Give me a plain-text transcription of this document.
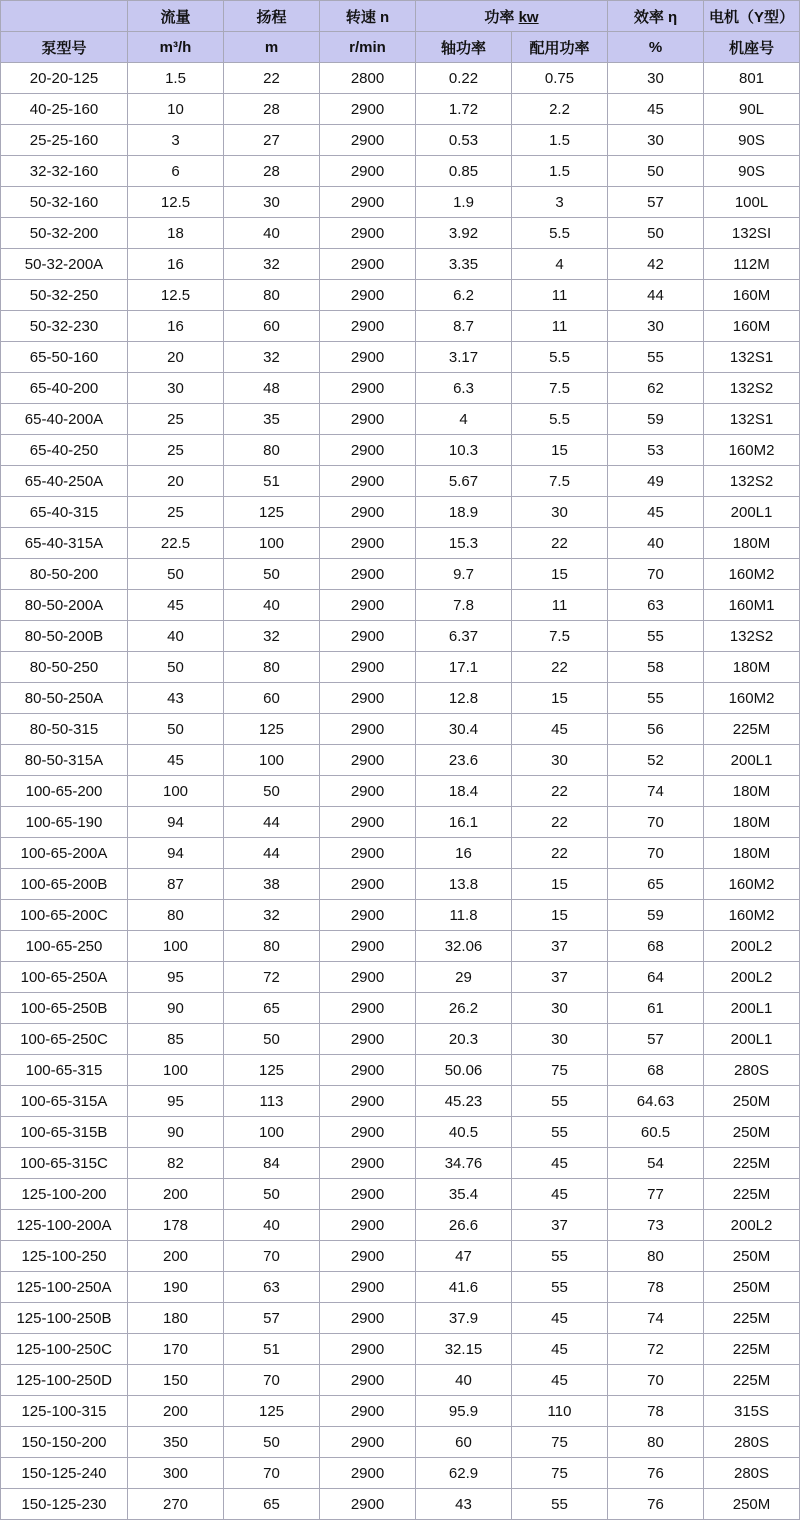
	流量	扬程	转速 n	功率 kw		效率 η	电机（Y型）
泵型号	m³/h	m	r/min	轴功率	配用功率	%	机座号
20-20-125	1.5	22	2800	0.22	0.75	30	801
40-25-160	10	28	2900	1.72	2.2	45	90L
25-25-160	3	27	2900	0.53	1.5	30	90S
32-32-160	6	28	2900	0.85	1.5	50	90S
50-32-160	12.5	30	2900	1.9	3	57	100L
50-32-200	18	40	2900	3.92	5.5	50	132SI
50-32-200A	16	32	2900	3.35	4	42	112M
50-32-250	12.5	80	2900	6.2	11	44	160M
50-32-230	16	60	2900	8.7	11	30	160M
65-50-160	20	32	2900	3.17	5.5	55	132S1
65-40-200	30	48	2900	6.3	7.5	62	132S2
65-40-200A	25	35	2900	4	5.5	59	132S1
65-40-250	25	80	2900	10.3	15	53	160M2
65-40-250A	20	51	2900	5.67	7.5	49	132S2
65-40-315	25	125	2900	18.9	30	45	200L1
65-40-315A	22.5	100	2900	15.3	22	40	180M
80-50-200	50	50	2900	9.7	15	70	160M2
80-50-200A	45	40	2900	7.8	11	63	160M1
80-50-200B	40	32	2900	6.37	7.5	55	132S2
80-50-250	50	80	2900	17.1	22	58	180M
80-50-250A	43	60	2900	12.8	15	55	160M2
80-50-315	50	125	2900	30.4	45	56	225M
80-50-315A	45	100	2900	23.6	30	52	200L1
100-65-200	100	50	2900	18.4	22	74	180M
100-65-190	94	44	2900	16.1	22	70	180M
100-65-200A	94	44	2900	16	22	70	180M
100-65-200B	87	38	2900	13.8	15	65	160M2
100-65-200C	80	32	2900	11.8	15	59	160M2
100-65-250	100	80	2900	32.06	37	68	200L2
100-65-250A	95	72	2900	29	37	64	200L2
100-65-250B	90	65	2900	26.2	30	61	200L1
100-65-250C	85	50	2900	20.3	30	57	200L1
100-65-315	100	125	2900	50.06	75	68	280S
100-65-315A	95	113	2900	45.23	55	64.63	250M
100-65-315B	90	100	2900	40.5	55	60.5	250M
100-65-315C	82	84	2900	34.76	45	54	225M
125-100-200	200	50	2900	35.4	45	77	225M
125-100-200A	178	40	2900	26.6	37	73	200L2
125-100-250	200	70	2900	47	55	80	250M
125-100-250A	190	63	2900	41.6	55	78	250M
125-100-250B	180	57	2900	37.9	45	74	225M
125-100-250C	170	51	2900	32.15	45	72	225M
125-100-250D	150	70	2900	40	45	70	225M
125-100-315	200	125	2900	95.9	110	78	315S
150-150-200	350	50	2900	60	75	80	280S
150-125-240	300	70	2900	62.9	75	76	280S
150-125-230	270	65	2900	43	55	76	250M
